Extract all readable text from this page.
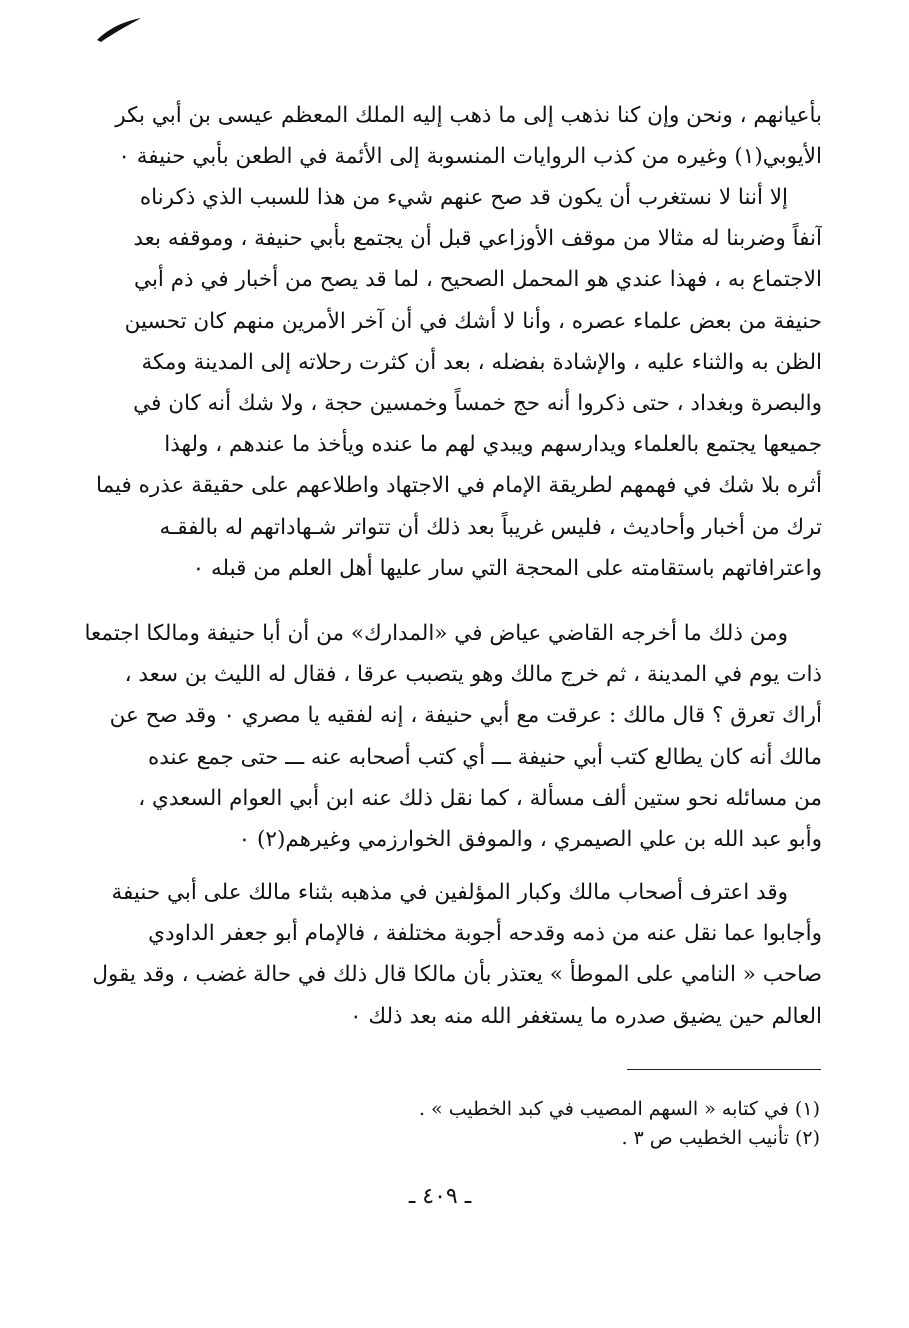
بأعيانهم ، ونحن وإن كنا نذهب إلى ما ذهب إليه الملك المعظم عيسى بن أبي بكر
الأيوبي(١) وغيره من كذب الروايات المنسوبة إلى الأئمة في الطعن بأبي حنيفة ٠
إلا أننا لا نستغرب أن يكون قد صح عنهم شيء من هذا للسبب الذي ذكرناه
آنفاً وضربنا له مثالا من موقف الأوزاعي قبل أن يجتمع بأبي حنيفة ، وموقفه بعد
الاجتماع به ، فهذا عندي هو المحمل الصحيح ، لما قد يصح من أخبار في ذم أبي
حنيفة من بعض علماء عصره ، وأنا لا أشك في أن آخر الأمرين منهم كان تحسين
الظن به والثناء عليه ، والإشادة بفضله ، بعد أن كثرت رحلاته إلى المدينة ومكة
والبصرة وبغداد ، حتى ذكروا أنه حج خمساً وخمسين حجة ، ولا شك أنه كان في
جميعها يجتمع بالعلماء ويدارسهم ويبدي لهم ما عنده ويأخذ ما عندهم ، ولهذا
أثره بلا شك في فهمهم لطريقة الإمام في الاجتهاد واطلاعهم على حقيقة عذره فيما
ترك من أخبار وأحاديث ، فليس غريباً بعد ذلك أن تتواتر شـهاداتهم له بالفقـه
واعترافاتهم باستقامته على المحجة التي سار عليها أهل العلم من قبله ٠
ومن ذلك ما أخرجه القاضي عياض في «المدارك» من أن أبا حنيفة ومالكا اجتمعا
ذات يوم في المدينة ، ثم خرج مالك وهو يتصبب عرقا ، فقال له الليث بن سعد ،
أراك تعرق ؟ قال مالك : عرقت مع أبي حنيفة ، إنه لفقيه يا مصري ٠ وقد صح عن
مالك أنه كان يطالع كتب أبي حنيفة ـــ أي كتب أصحابه عنه ـــ حتى جمع عنده
من مسائله نحو ستين ألف مسألة ، كما نقل ذلك عنه ابن أبي العوام السعدي ،
وأبو عبد الله بن علي الصيمري ، والموفق الخوارزمي وغيرهم(٢) ٠
وقد اعترف أصحاب مالك وكبار المؤلفين في مذهبه بثناء مالك على أبي حنيفة
وأجابوا عما نقل عنه من ذمه وقدحه أجوبة مختلفة ، فالإمام أبو جعفر الداودي
صاحب « النامي على الموطأ » يعتذر بأن مالكا قال ذلك في حالة غضب ، وقد يقول
العالم حين يضيق صدره ما يستغفر الله منه بعد ذلك ٠
(١) في كتابه « السهم المصيب في كبد الخطيب » .
(٢) تأنيب الخطيب ص ٣ .
ـ ٤٠٩ ـ
